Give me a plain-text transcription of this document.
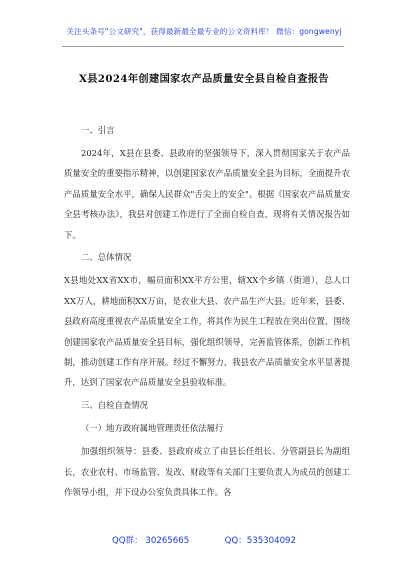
关注头条号"公文研究"，获得最新最全最专业的公文资料库！ 微信：gongwenyj
X县2024年创建国家农产品质量安全县自检自查报告
一、引言
2024年，X县在县委、县政府的坚强领导下，深入贯彻国家关于农产品质量安全的重要指示精神，以创建国家农产品质量安全县为目标，全面提升农产品质量安全水平，确保人民群众"舌尖上的安全"。根据《国家农产品质量安全县考核办法》，我县对创建工作进行了全面自检自查，现将有关情况报告如下。
二、总体情况
X县地处XX省XX市，幅员面积XX平方公里，辖XX个乡镇（街道），总人口XX万人，耕地面积XX万亩，是农业大县、农产品生产大县。近年来，县委、县政府高度重视农产品质量安全工作，将其作为民生工程放在突出位置，围绕创建国家农产品质量安全县目标，强化组织领导，完善监管体系，创新工作机制，推动创建工作有序开展。经过不懈努力，我县农产品质量安全水平显著提升，达到了国家农产品质量安全县验收标准。
三、自检自查情况
（一）地方政府属地管理责任依法履行
加强组织领导：县委、县政府成立了由县长任组长、分管副县长为副组长，农业农村、市场监管、发改、财政等有关部门主要负责人为成员的创建工作领导小组，并下设办公室负责具体工作。各
QQ群： 30265665	QQ：535304092
